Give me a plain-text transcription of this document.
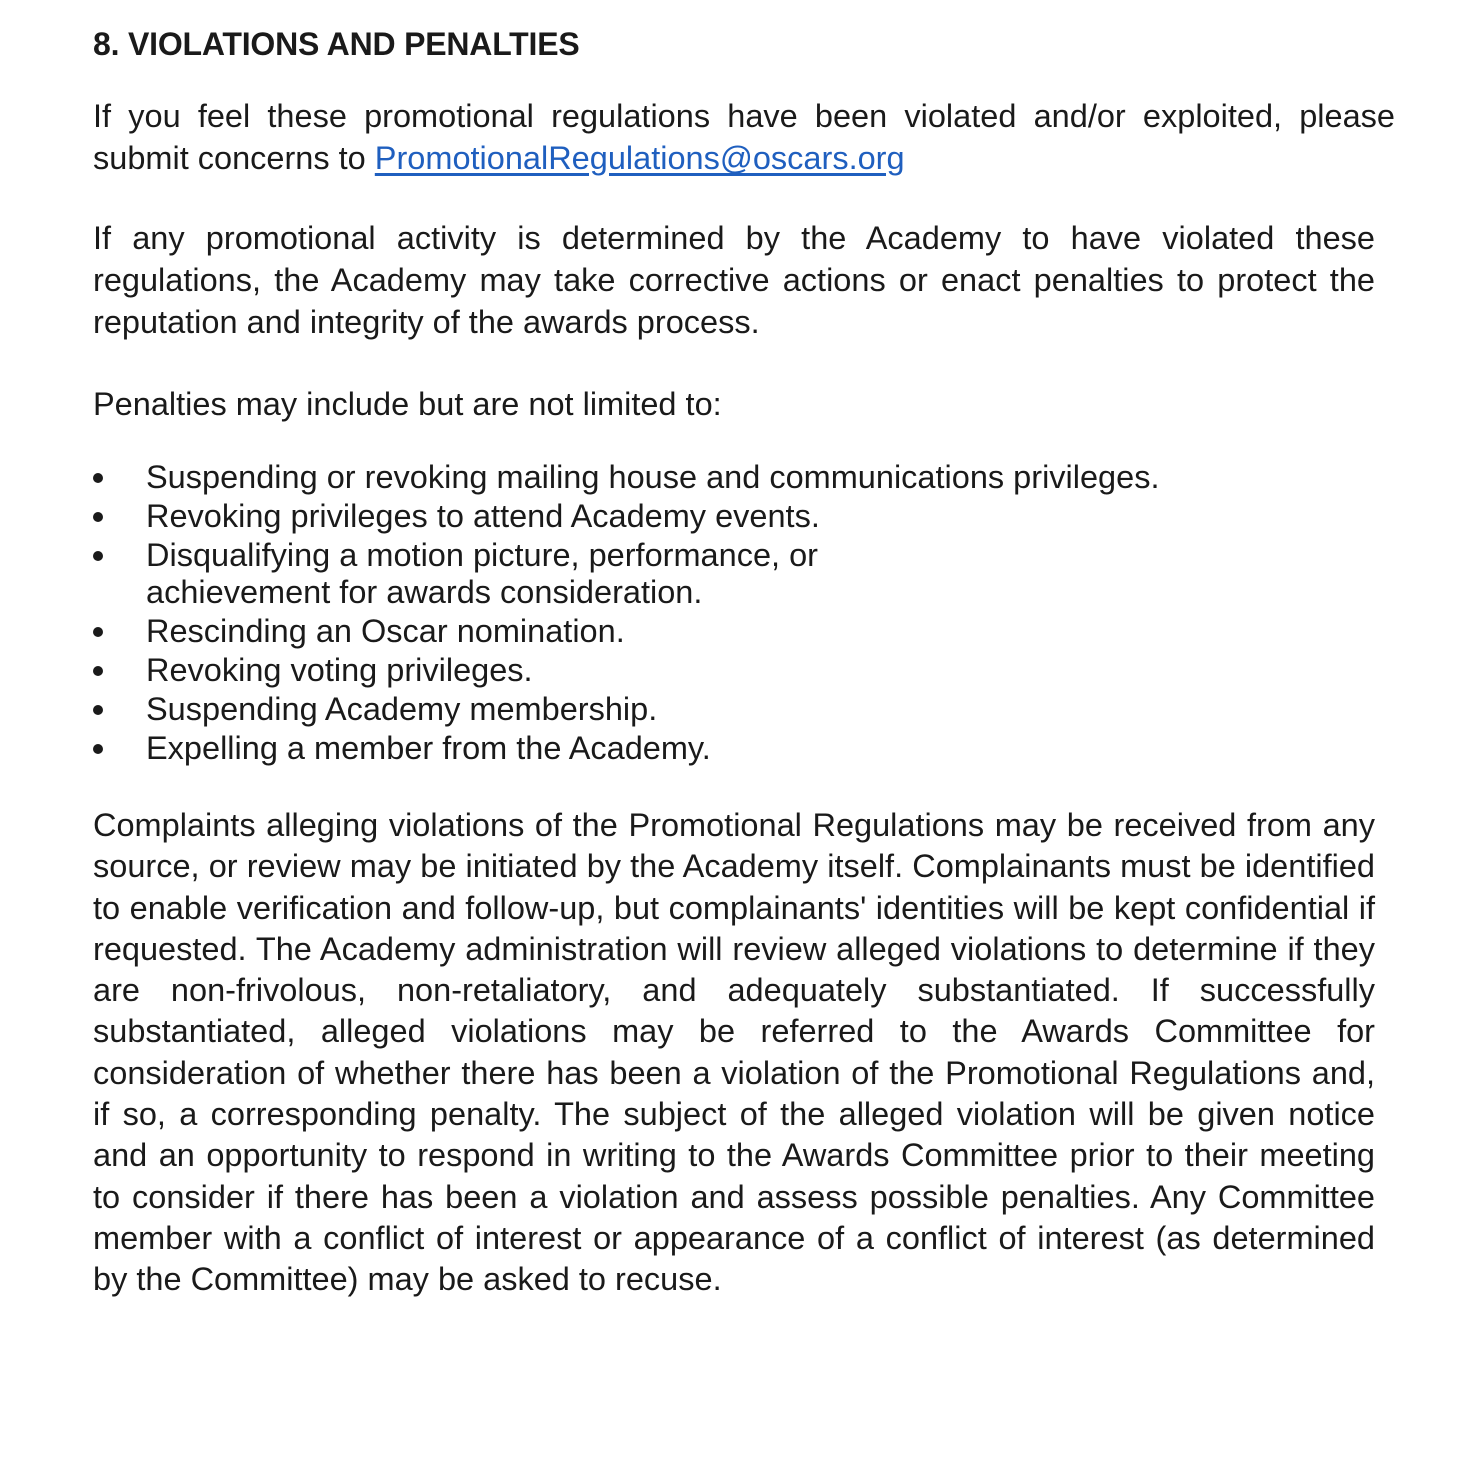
8. VIOLATIONS AND PENALTIES

If you feel these promotional regulations have been violated and/or exploited, please submit concerns to PromotionalRegulations@oscars.org

If any promotional activity is determined by the Academy to have violated these regulations, the Academy may take corrective actions or enact penalties to protect the reputation and integrity of the awards process.

Penalties may include but are not limited to:

Suspending or revoking mailing house and communications privileges.
Revoking privileges to attend Academy events.
Disqualifying a motion picture, performance, or achievement for awards consideration.
Rescinding an Oscar nomination.
Revoking voting privileges.
Suspending Academy membership.
Expelling a member from the Academy.

Complaints alleging violations of the Promotional Regulations may be received from any source, or review may be initiated by the Academy itself. Complainants must be identified to enable verification and follow-up, but complainants' identities will be kept confidential if requested. The Academy administration will review alleged violations to determine if they are non-frivolous, non-retaliatory, and adequately substantiated. If successfully substantiated, alleged violations may be referred to the Awards Committee for consideration of whether there has been a violation of the Promotional Regulations and, if so, a corresponding penalty. The subject of the alleged violation will be given notice and an opportunity to respond in writing to the Awards Committee prior to their meeting to consider if there has been a violation and assess possible penalties. Any Committee member with a conflict of interest or appearance of a conflict of interest (as determined by the Committee) may be asked to recuse.
